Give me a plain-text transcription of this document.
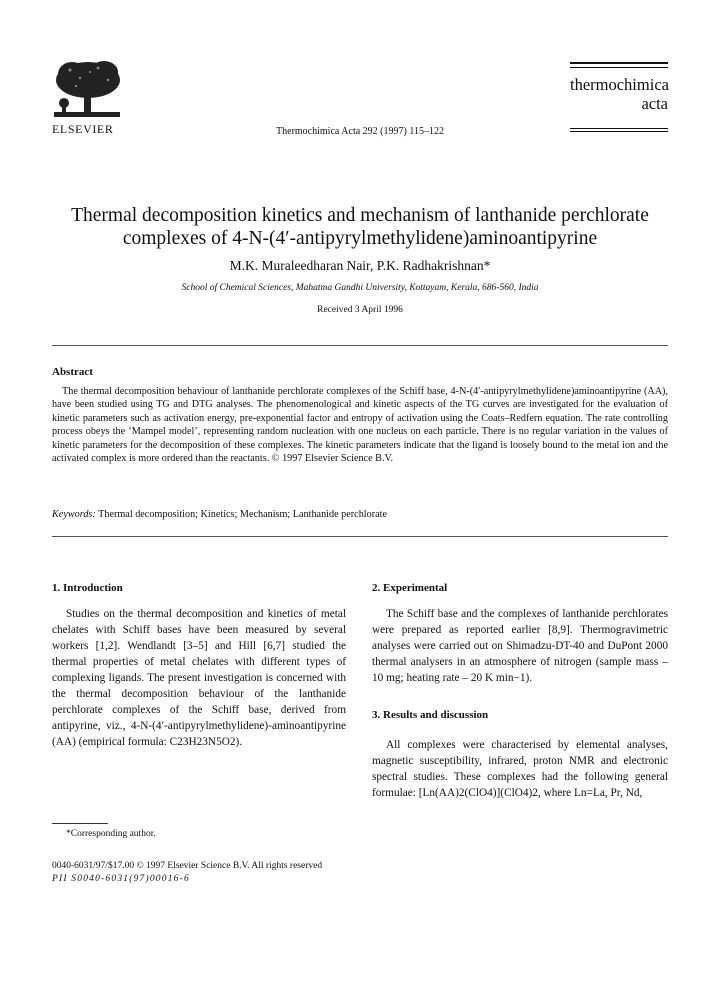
ELSEVIER	Thermochimica Acta 292 (1997) 115–122
thermochimica
acta
Thermal decomposition kinetics and mechanism of lanthanide perchlorate
complexes of 4-N-(4′-antipyrylmethylidene)aminoantipyrine
M.K. Muraleedharan Nair, P.K. Radhakrishnan*
School of Chemical Sciences, Mahatma Gandhi University, Kottayam, Kerala, 686-560, India
Received 3 April 1996
Abstract
The thermal decomposition behaviour of lanthanide perchlorate complexes of the Schiff base, 4-N-(4′-antipyrylmethylidene)aminoantipyrine (AA), have been studied using TG and DTG analyses. The phenomenological and kinetic aspects of the TG curves are investigated for the evaluation of kinetic parameters such as activation energy, pre-exponential factor and entropy of activation using the Coats–Redfern equation. The rate controlling process obeys the ‘Mampel model’, representing random nucleation with one nucleus on each particle. There is no regular variation in the values of kinetic parameters for the decomposition of these complexes. The kinetic parameters indicate that the ligand is loosely bound to the metal ion and the activated complex is more ordered than the reactants. © 1997 Elsevier Science B.V.
Keywords: Thermal decomposition; Kinetics; Mechanism; Lanthanide perchlorate
1. Introduction
Studies on the thermal decomposition and kinetics of metal chelates with Schiff bases have been measured by several workers [1,2]. Wendlandt [3–5] and Hill [6,7] studied the thermal properties of metal chelates with different types of complexing ligands. The present investigation is concerned with the thermal decomposition behaviour of the lanthanide perchlorate complexes of the Schiff base, derived from antipyrine, viz., 4-N-(4′-antipyrylmethylidene)-aminoantipyrine (AA) (empirical formula: C23H23N5O2).
*Corresponding author.
0040-6031/97/$17.00 © 1997 Elsevier Science B.V. All rights reserved
PII S0040-6031(97)00016-6
2. Experimental
The Schiff base and the complexes of lanthanide perchlorates were prepared as reported earlier [8,9]. Thermogravimetric analyses were carried out on Shimadzu-DT-40 and DuPont 2000 thermal analysers in an atmosphere of nitrogen (sample mass – 10 mg; heating rate – 20 K min−1).
3. Results and discussion
All complexes were characterised by elemental analyses, magnetic susceptibility, infrared, proton NMR and electronic spectral studies. These complexes had the following general formulae: [Ln(AA)2(ClO4)](ClO4)2, where Ln=La, Pr, Nd,
